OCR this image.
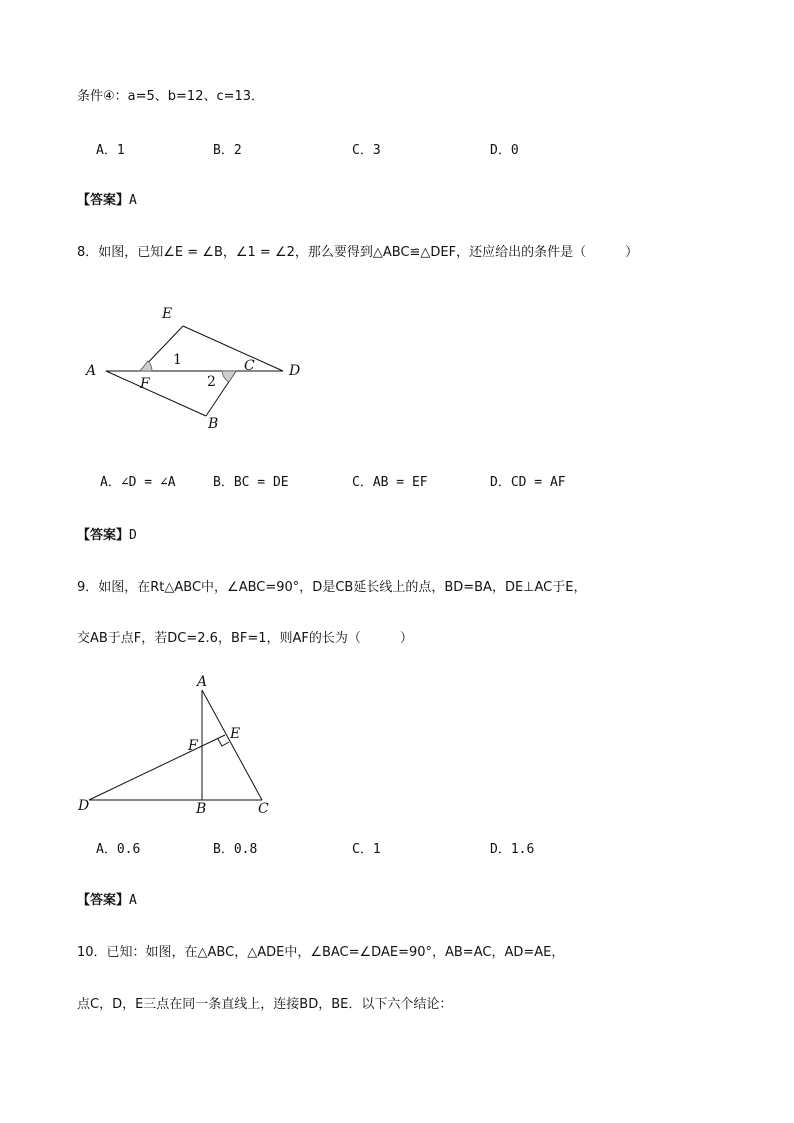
条件④：a=5、b=12、c=13．
A．1	B．2	C．3	D．0
【答案】A
8．如图，已知∠E = ∠B，∠1 = ∠2，那么要得到△ABC≌△DEF，还应给出的条件是（　　　）
E
A
F
C D
B
1
2
A
E
F
D	B	C
A．∠D = ∠A	B．BC = DE	C．AB = EF	D．CD = AF
【答案】D
9．如图，在Rt△ABC中，∠ABC=90°，D是CB延长线上的点，BD=BA，DE⊥AC于E，
交AB于点F，若DC=2.6，BF=1，则AF的长为（　　　）
A．0.6	B．0.8	C．1	D．1.6
【答案】A
10．已知：如图，在△ABC，△ADE中，∠BAC=∠DAE=90°，AB=AC，AD=AE，
点C，D，E三点在同一条直线上，连接BD，BE．以下六个结论：
